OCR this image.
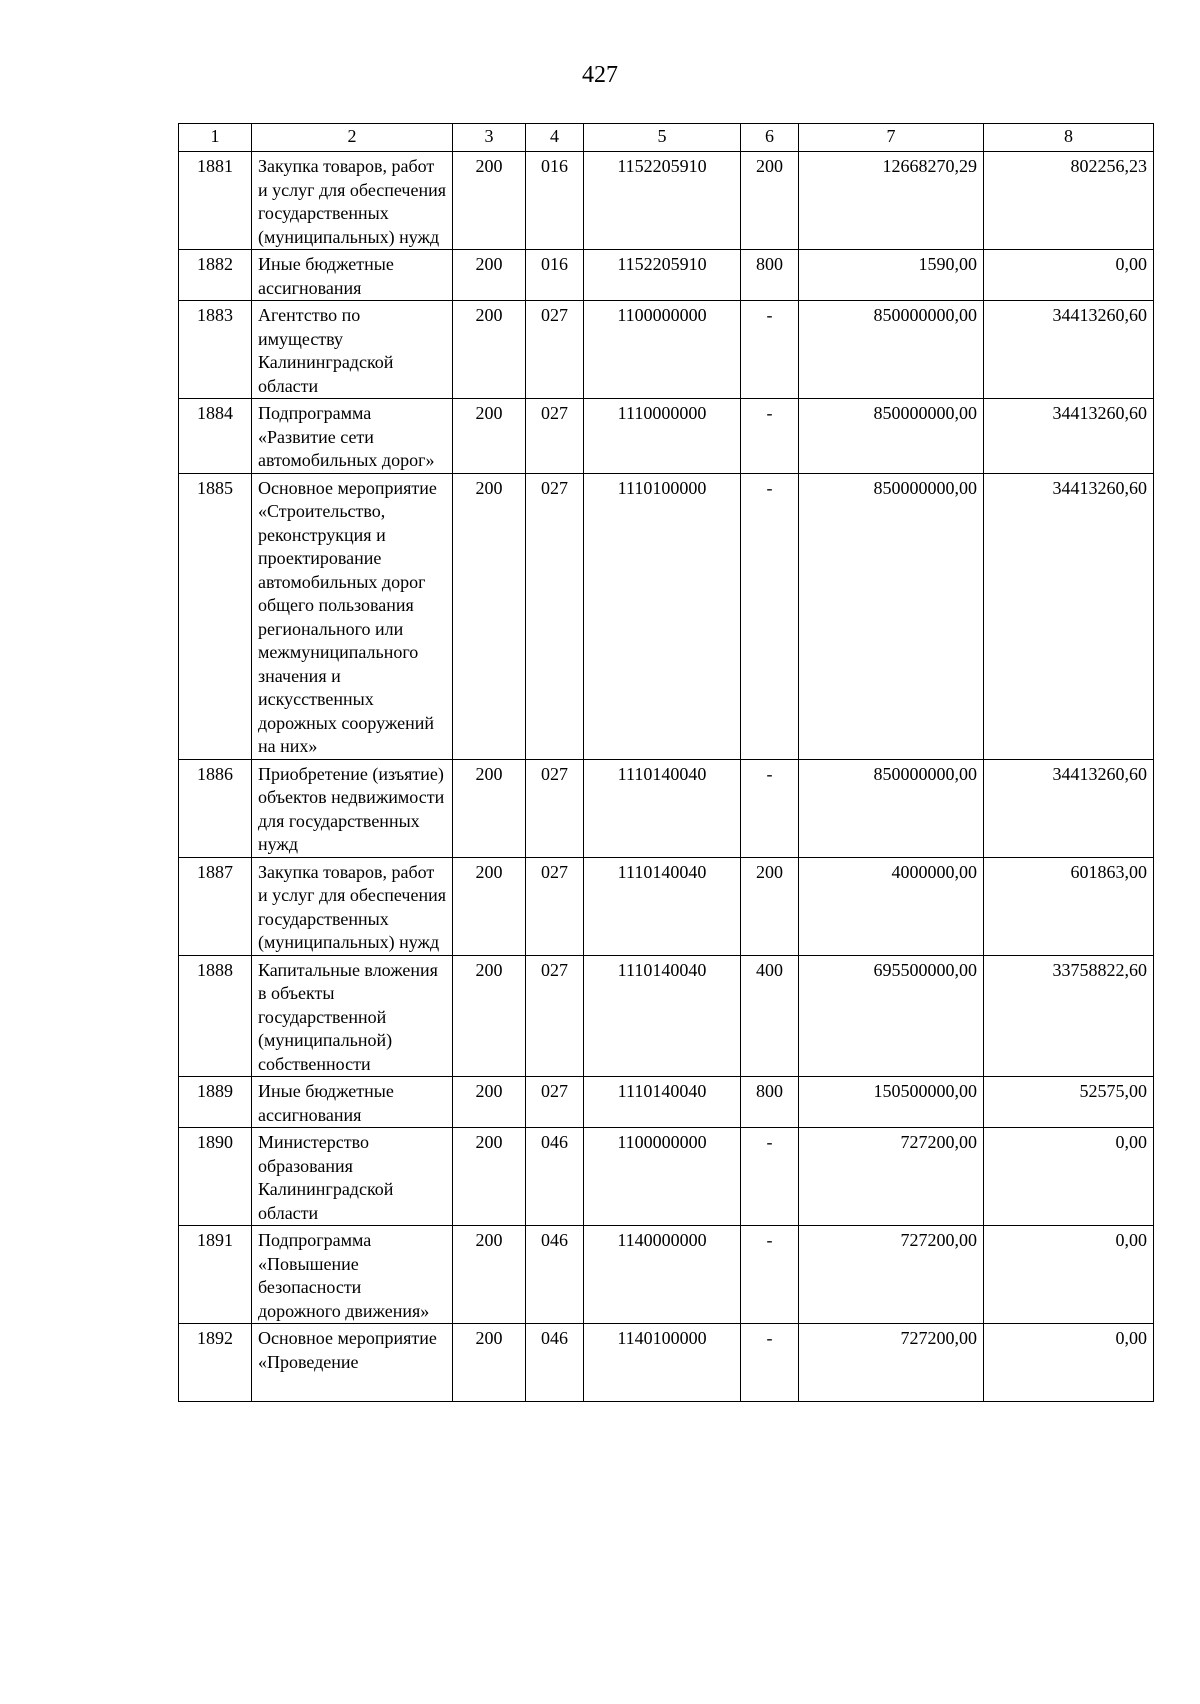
427
1	2	3	4	5	6	7	8
1881	Закупка товаров, работ и услуг для обеспечения государственных (муниципальных) нужд	200	016	1152205910	200	12668270,29	802256,23
1882	Иные бюджетные ассигнования	200	016	1152205910	800	1590,00	0,00
1883	Агентство по имуществу Калининградской области	200	027	1100000000	-	850000000,00	34413260,60
1884	Подпрограмма «Развитие сети автомобильных дорог»	200	027	1110000000	-	850000000,00	34413260,60
1885	Основное мероприятие «Строительство, реконструкция и проектирование автомобильных дорог общего пользования регионального или межмуниципального значения и искусственных дорожных сооружений на них»	200	027	1110100000	-	850000000,00	34413260,60
1886	Приобретение (изъятие) объектов недвижимости для государственных нужд	200	027	1110140040	-	850000000,00	34413260,60
1887	Закупка товаров, работ и услуг для обеспечения государственных (муниципальных) нужд	200	027	1110140040	200	4000000,00	601863,00
1888	Капитальные вложения в объекты государственной (муниципальной) собственности	200	027	1110140040	400	695500000,00	33758822,60
1889	Иные бюджетные ассигнования	200	027	1110140040	800	150500000,00	52575,00
1890	Министерство образования Калининградской области	200	046	1100000000	-	727200,00	0,00
1891	Подпрограмма «Повышение безопасности дорожного движения»	200	046	1140000000	-	727200,00	0,00
1892	Основное мероприятие «Проведение	200	046	1140100000	-	727200,00	0,00
